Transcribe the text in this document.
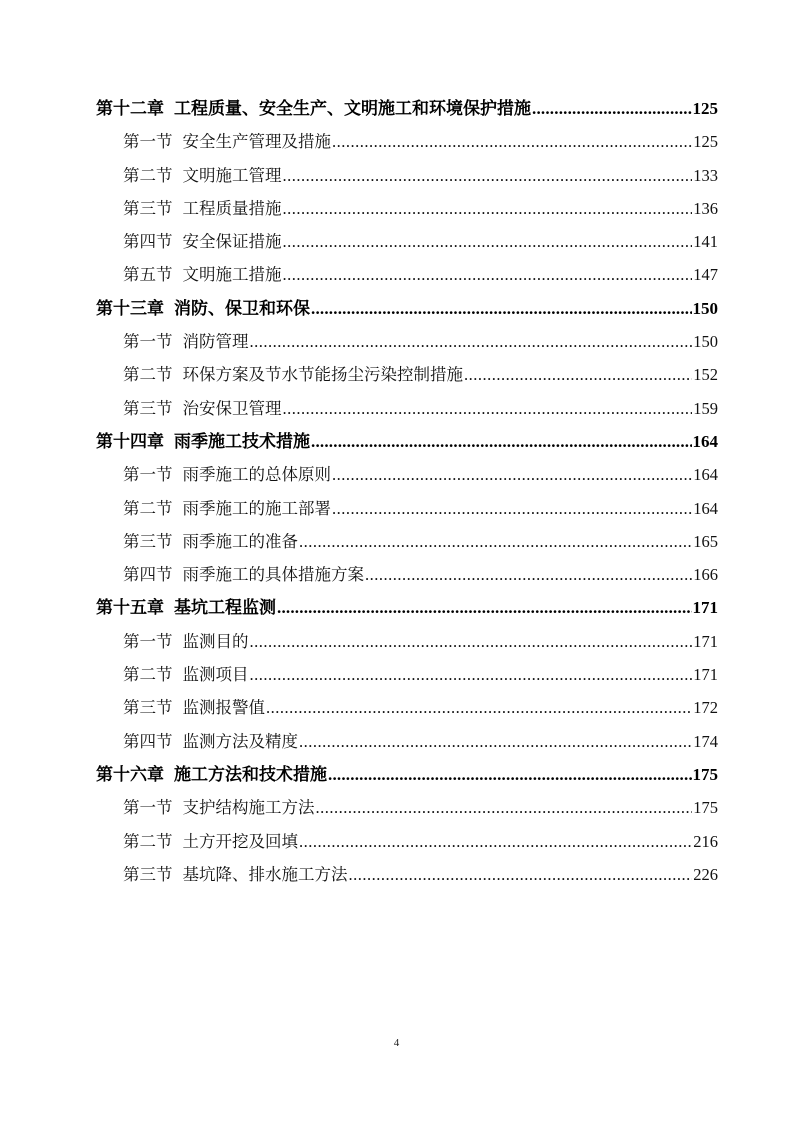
第十二章 工程质量、安全生产、文明施工和环境保护措施 .....	125
第一节 安全生产管理及措施 .....	125
第二节 文明施工管理 .....	133
第三节 工程质量措施 .....	136
第四节 安全保证措施 .....	141
第五节 文明施工措施 .....	147
第十三章 消防、保卫和环保 .....	150
第一节 消防管理 .....	150
第二节 环保方案及节水节能扬尘污染控制措施 .....	152
第三节 治安保卫管理 .....	159
第十四章 雨季施工技术措施 .....	164
第一节 雨季施工的总体原则 .....	164
第二节 雨季施工的施工部署 .....	164
第三节 雨季施工的准备 .....	165
第四节 雨季施工的具体措施方案 .....	166
第十五章 基坑工程监测 .....	171
第一节 监测目的 .....	171
第二节 监测项目 .....	171
第三节 监测报警值 .....	172
第四节 监测方法及精度 .....	174
第十六章 施工方法和技术措施 .....	175
第一节 支护结构施工方法 .....	175
第二节 土方开挖及回填 .....	216
第三节 基坑降、排水施工方法 .....	226
4
